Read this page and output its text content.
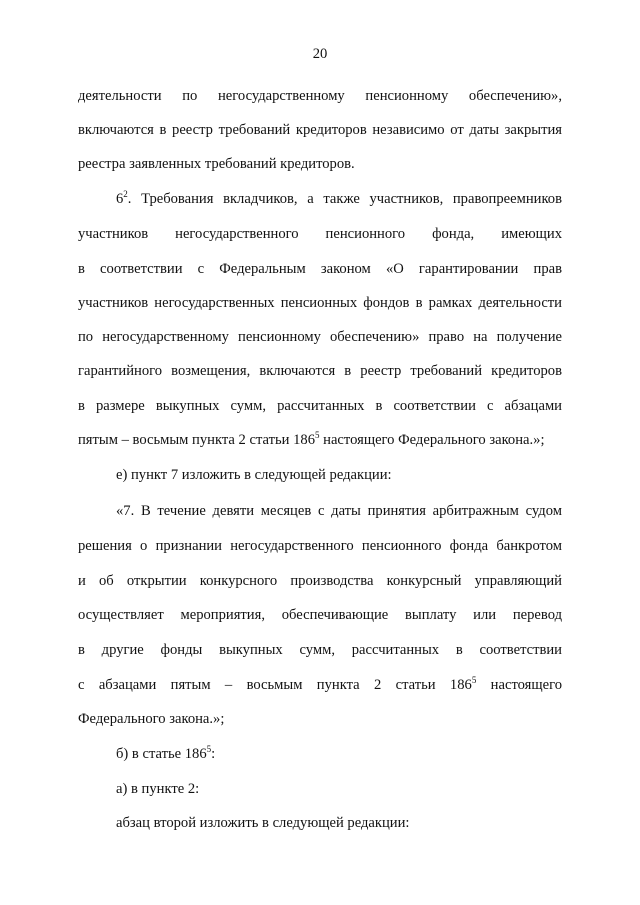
20
деятельности по негосударственному пенсионному обеспечению»,
включаются в реестр требований кредиторов независимо от даты закрытия
реестра заявленных требований кредиторов.
$6^2$. Требования вкладчиков, а также участников, правопреемников
участников негосударственного пенсионного фонда, имеющих
в соответствии с Федеральным законом «О гарантировании прав
участников негосударственных пенсионных фондов в рамках деятельности
по негосударственному пенсионному обеспечению» право на получение
гарантийного возмещения, включаются в реестр требований кредиторов
в размере выкупных сумм, рассчитанных в соответствии с абзацами
пятым – восьмым пункта 2 статьи $186^5$ настоящего Федерального закона.»;
е) пункт 7 изложить в следующей редакции:
«7. В течение девяти месяцев с даты принятия арбитражным судом
решения о признании негосударственного пенсионного фонда банкротом
и об открытии конкурсного производства конкурсный управляющий
осуществляет мероприятия, обеспечивающие выплату или перевод
в другие фонды выкупных сумм, рассчитанных в соответствии
с абзацами пятым – восьмым пункта 2 статьи $186^5$ настоящего
Федерального закона.»;
б) в статье $186^5$:
а) в пункте 2:
абзац второй изложить в следующей редакции:
